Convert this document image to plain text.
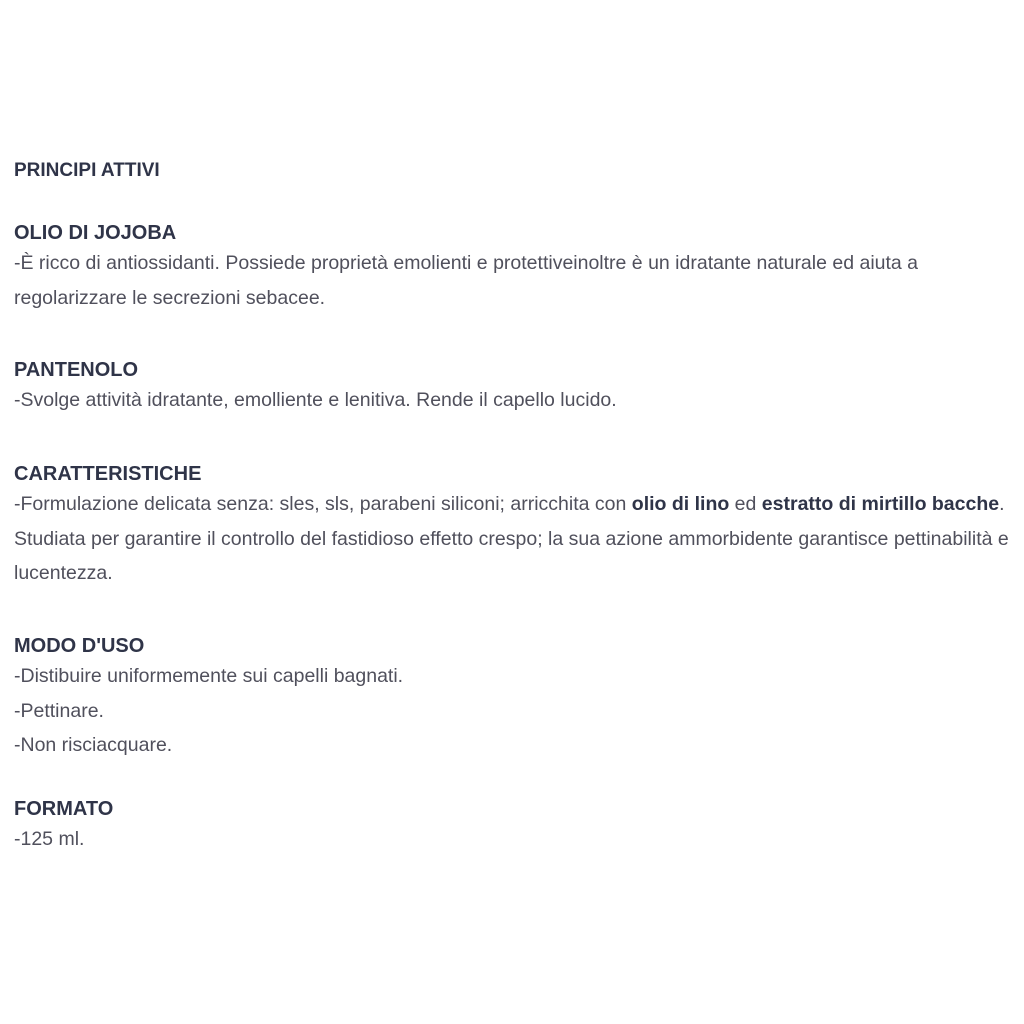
PRINCIPI ATTIVI
OLIO DI JOJOBA
-È ricco di antiossidanti. Possiede proprietà emolienti e protettiveinoltre è un idratante naturale ed aiuta a regolarizzare le secrezioni sebacee.
PANTENOLO
-Svolge attività idratante, emolliente e lenitiva. Rende il capello lucido.
CARATTERISTICHE
-Formulazione delicata senza: sles, sls, parabeni siliconi; arricchita con olio di lino ed estratto di mirtillo bacche. Studiata per garantire il controllo del fastidioso effetto crespo; la sua azione ammorbidente garantisce pettinabilità e lucentezza.
MODO D'USO
-Distibuire uniformemente sui capelli bagnati.
-Pettinare.
-Non risciacquare.
FORMATO
-125 ml.
